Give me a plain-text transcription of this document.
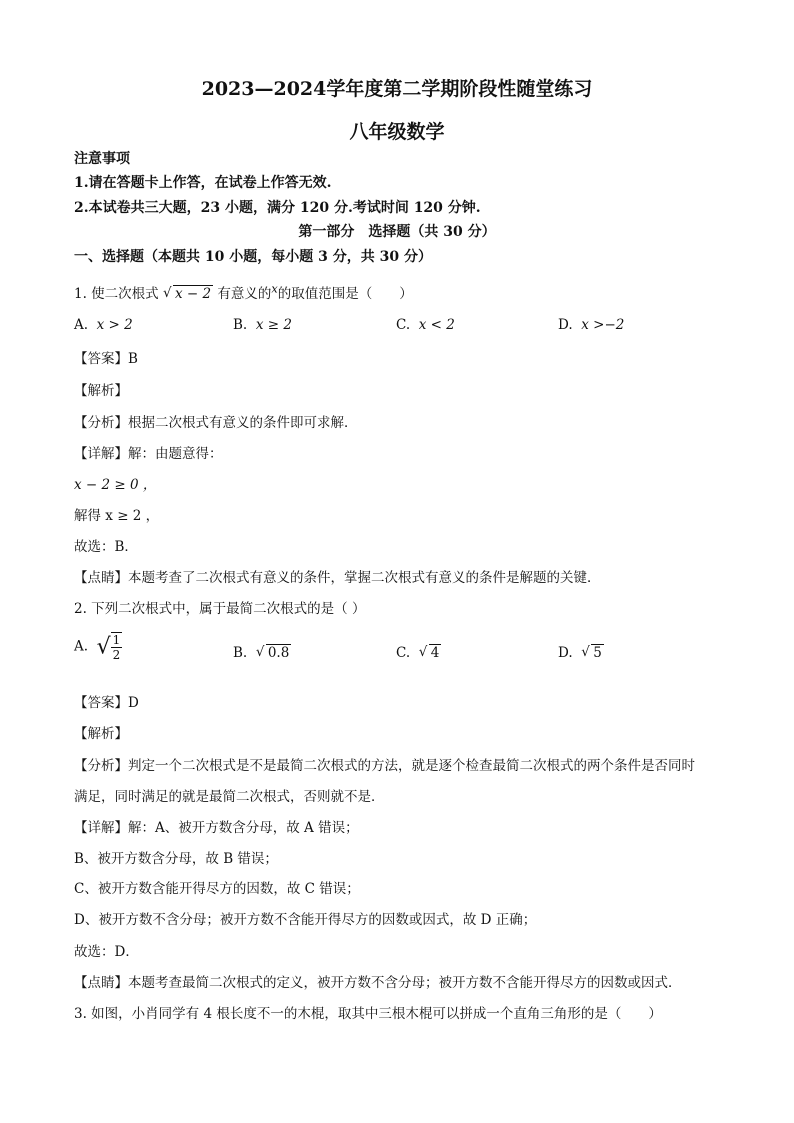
2023—2024学年度第二学期阶段性随堂练习
八年级数学
注意事项
1.请在答题卡上作答，在试卷上作答无效.
2.本试卷共三大题，23 小题，满分 120 分.考试时间 120 分钟.
第一部分　选择题（共 30 分）
一、选择题（本题共 10 小题，每小题 3 分，共 30 分）
1. 使二次根式 √ x − 2 有意义的$^x$的取值范围是（　　）
A. x > 2	B. x ≥ 2	C. x < 2	D. x >−2
【答案】B
【解析】
【分析】根据二次根式有意义的条件即可求解．
【详解】解：由题意得：
x − 2 ≥ 0 ，
解得 x ≥ 2 ，
故选：B．
【点睛】本题考查了二次根式有意义的条件，掌握二次根式有意义的条件是解题的关键．
2. 下列二次根式中，属于最简二次根式的是（ ）
A. √ $\frac{1}{2}$	B. √ 0.8	C. √ 4	D. √ 5
【答案】D
【解析】
【分析】判定一个二次根式是不是最简二次根式的方法，就是逐个检查最简二次根式的两个条件是否同时
满足，同时满足的就是最简二次根式，否则就不是．
【详解】解：A、被开方数含分母，故 A 错误；
B、被开方数含分母，故 B 错误；
C、被开方数含能开得尽方的因数，故 C 错误；
D、被开方数不含分母；被开方数不含能开得尽方的因数或因式，故 D 正确；
故选：D．
【点睛】本题考查最简二次根式的定义，被开方数不含分母；被开方数不含能开得尽方的因数或因式．
3. 如图，小肖同学有 4 根长度不一的木棍，取其中三根木棍可以拼成一个直角三角形的是（　　）
